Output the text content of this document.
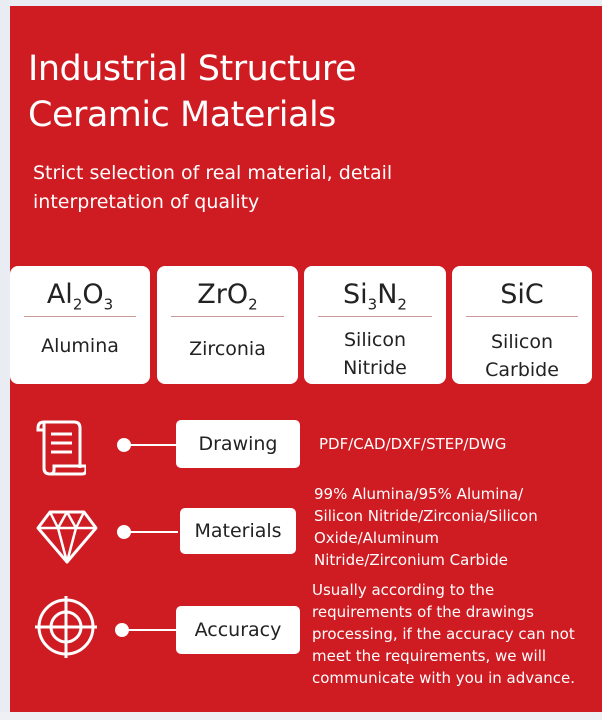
Industrial Structure
Ceramic Materials
Strict selection of real material, detail interpretation of quality
$Al_2O_3$
Alumina
ZrO$_2$
Zirconia
$Si_3N_2$
Silicon
Nitride
SiC
Silicon
Carbide
Drawing	PDF/CAD/DXF/STEP/DWG
Materials
99% Alumina/95% Alumina/ Silicon Nitride/Zirconia/Silicon Oxide/Aluminum Nitride/Zirconium Carbide
Accuracy
Usually according to the requirements of the drawings processing, if the accuracy can not meet the requirements, we will communicate with you in advance.
